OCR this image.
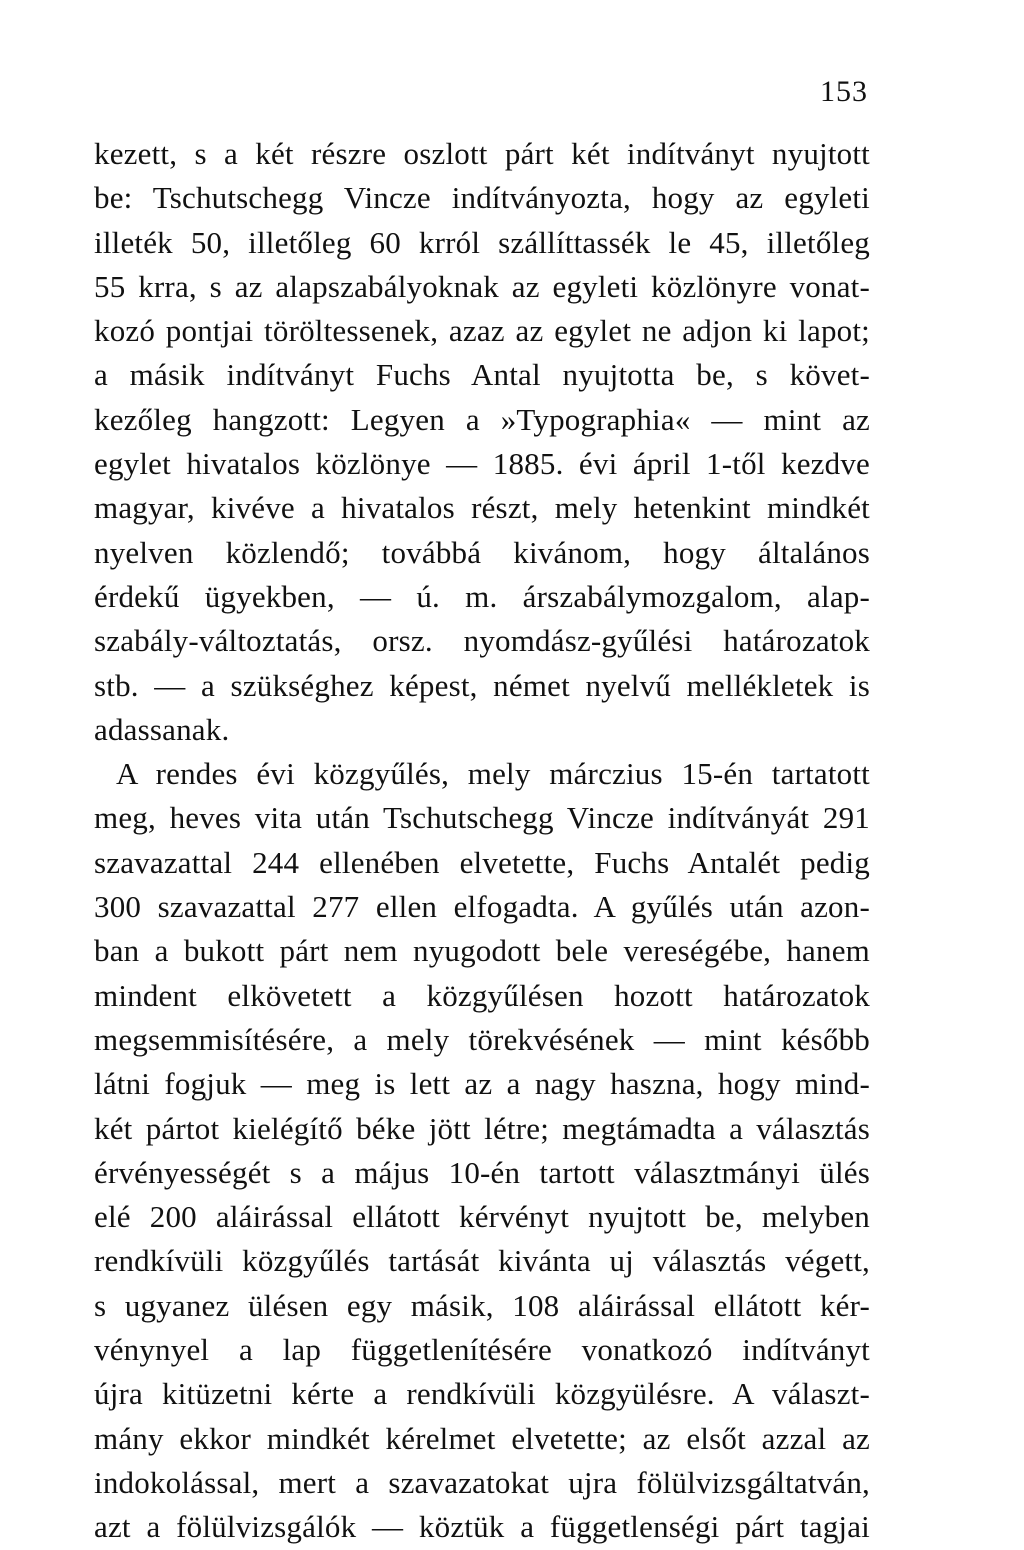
153
kezett, s a két részre oszlott párt két indítványt nyujtott
be: Tschutschegg Vincze indítványozta, hogy az egyleti
illeték 50, illetőleg 60 krról szállíttassék le 45, illetőleg
55 krra, s az alapszabályoknak az egyleti közlönyre vonat-
kozó pontjai töröltessenek, azaz az egylet ne adjon ki lapot;
a másik indítványt Fuchs Antal nyujtotta be, s követ-
kezőleg hangzott: Legyen a »Typographia« — mint az
egylet hivatalos közlönye — 1885. évi ápril 1-től kezdve
magyar, kivéve a hivatalos részt, mely hetenkint mindkét
nyelven közlendő; továbbá kivánom, hogy általános
érdekű ügyekben, — ú. m. árszabálymozgalom, alap-
szabály-változtatás, orsz. nyomdász-gyűlési határozatok
stb. — a szükséghez képest, német nyelvű mellékletek is
adassanak.
A rendes évi közgyűlés, mely márczius 15-én tartatott
meg, heves vita után Tschutschegg Vincze indítványát 291
szavazattal 244 ellenében elvetette, Fuchs Antalét pedig
300 szavazattal 277 ellen elfogadta. A gyűlés után azon-
ban a bukott párt nem nyugodott bele vereségébe, hanem
mindent elkövetett a közgyűlésen hozott határozatok
megsemmisítésére, a mely törekvésének — mint később
látni fogjuk — meg is lett az a nagy haszna, hogy mind-
két pártot kielégítő béke jött létre; megtámadta a választás
érvényességét s a május 10-én tartott választmányi ülés
elé 200 aláirással ellátott kérvényt nyujtott be, melyben
rendkívüli közgyűlés tartását kivánta uj választás végett,
s ugyanez ülésen egy másik, 108 aláirással ellátott kér-
vénynyel a lap függetlenítésére vonatkozó indítványt
újra kitüzetni kérte a rendkívüli közgyülésre. A választ-
mány ekkor mindkét kérelmet elvetette; az elsőt azzal az
indokolással, mert a szavazatokat ujra fölülvizsgáltatván,
azt a fölülvizsgálók — köztük a függetlenségi párt tagjai
